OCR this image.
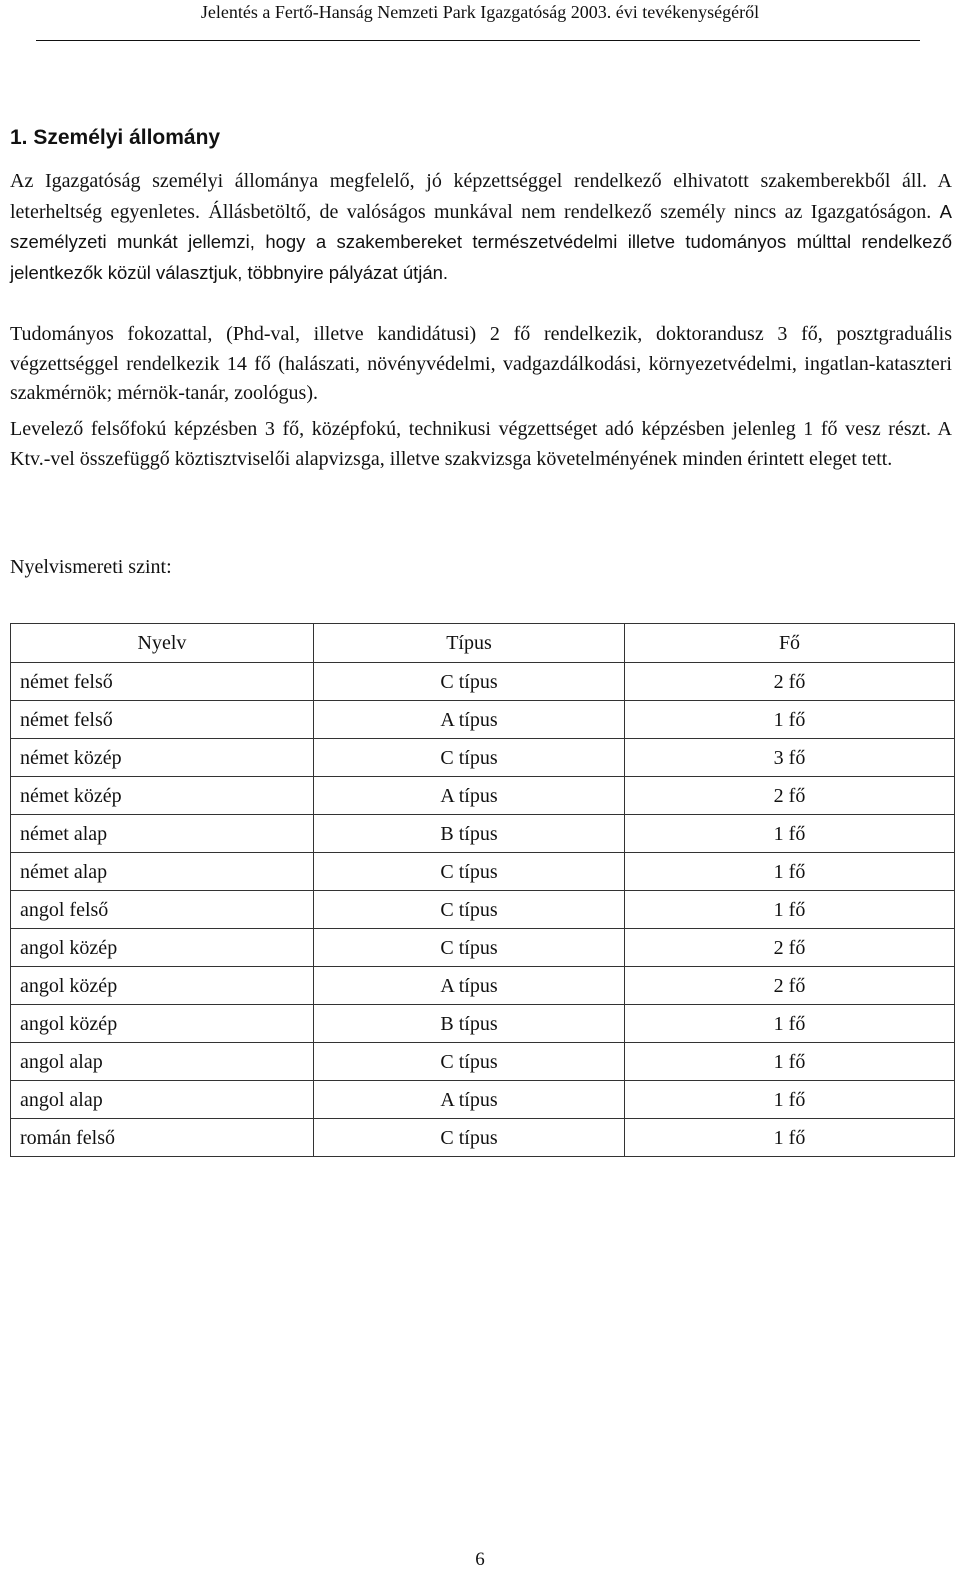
Jelentés a Fertő-Hanság Nemzeti Park Igazgatóság 2003. évi tevékenységéről
1. Személyi állomány

Az Igazgatóság személyi állománya megfelelő, jó képzettséggel rendelkező elhivatott szakemberekből áll. A leterheltség egyenletes. Állásbetöltő, de valóságos munkával nem rendelkező személy nincs az Igazgatóságon. A személyzeti munkát jellemzi, hogy a szakembereket természetvédelmi illetve tudományos múlttal rendelkező jelentkezők közül választjuk, többnyire pályázat útján.

Tudományos fokozattal, (Phd-val, illetve kandidátusi) 2 fő rendelkezik, doktorandusz 3 fő, posztgraduális végzettséggel rendelkezik 14 fő (halászati, növényvédelmi, vadgazdálkodási, környezetvédelmi, ingatlan-kataszteri szakmérnök; mérnök-tanár, zoológus).

Levelező felsőfokú képzésben 3 fő, középfokú, technikusi végzettséget adó képzésben jelenleg 1 fő vesz részt. A Ktv.-vel összefüggő köztisztviselői alapvizsga, illetve szakvizsga követelményének minden érintett eleget tett.

Nyelvismereti szint:
Nyelv	Típus	Fő
német felső	C típus	2 fő
német felső	A típus	1 fő
német közép	C típus	3 fő
német közép	A típus	2 fő
német alap	B típus	1 fő
német alap	C típus	1 fő
angol felső	C típus	1 fő
angol közép	C típus	2 fő
angol közép	A típus	2 fő
angol közép	B típus	1 fő
angol alap	C típus	1 fő
angol alap	A típus	1 fő
román felső	C típus	1 fő
6
